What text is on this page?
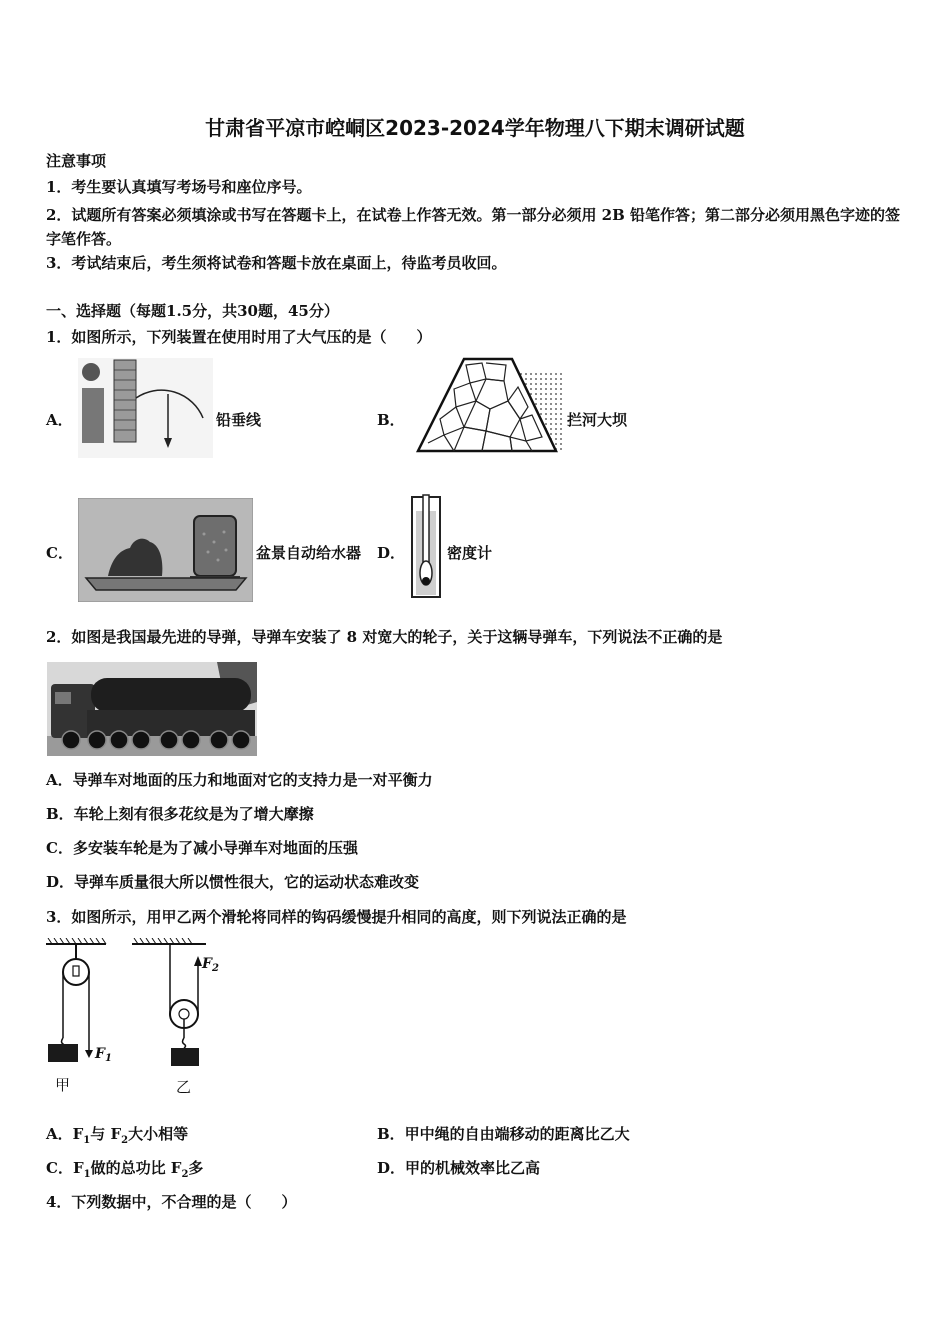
甘肃省平凉市崆峒区2023-2024学年物理八下期末调研试题
注意事项
1．考生要认真填写考场号和座位序号。
2．试题所有答案必须填涂或书写在答题卡上，在试卷上作答无效。第一部分必须用 2B 铅笔作答；第二部分必须用黑色字迹的签字笔作答。
3．考试结束后，考生须将试卷和答题卡放在桌面上，待监考员收回。
一、选择题（每题1.5分，共30题，45分）
1．如图所示，下列装置在使用时用了大气压的是（　　）
A．	铅垂线	B．	拦河大坝
C．	盆景自动给水器 D．	密度计
2．如图是我国最先进的导弹，导弹车安装了 8 对宽大的轮子，关于这辆导弹车，下列说法不正确的是
A．导弹车对地面的压力和地面对它的支持力是一对平衡力
B．车轮上刻有很多花纹是为了增大摩擦
C．多安装车轮是为了减小导弹车对地面的压强
D．导弹车质量很大所以惯性很大，它的运动状态难改变
3．如图所示，用甲乙两个滑轮将同样的钩码缓慢提升相同的高度，则下列说法正确的是
$F_1$
甲
$F_2$
乙
A．$F_1$与 $F_2$大小相等	B．甲中绳的自由端移动的距离比乙大
C．$F_1$做的总功比 $F_2$多	D．甲的机械效率比乙高
4．下列数据中，不合理的是（　　）
